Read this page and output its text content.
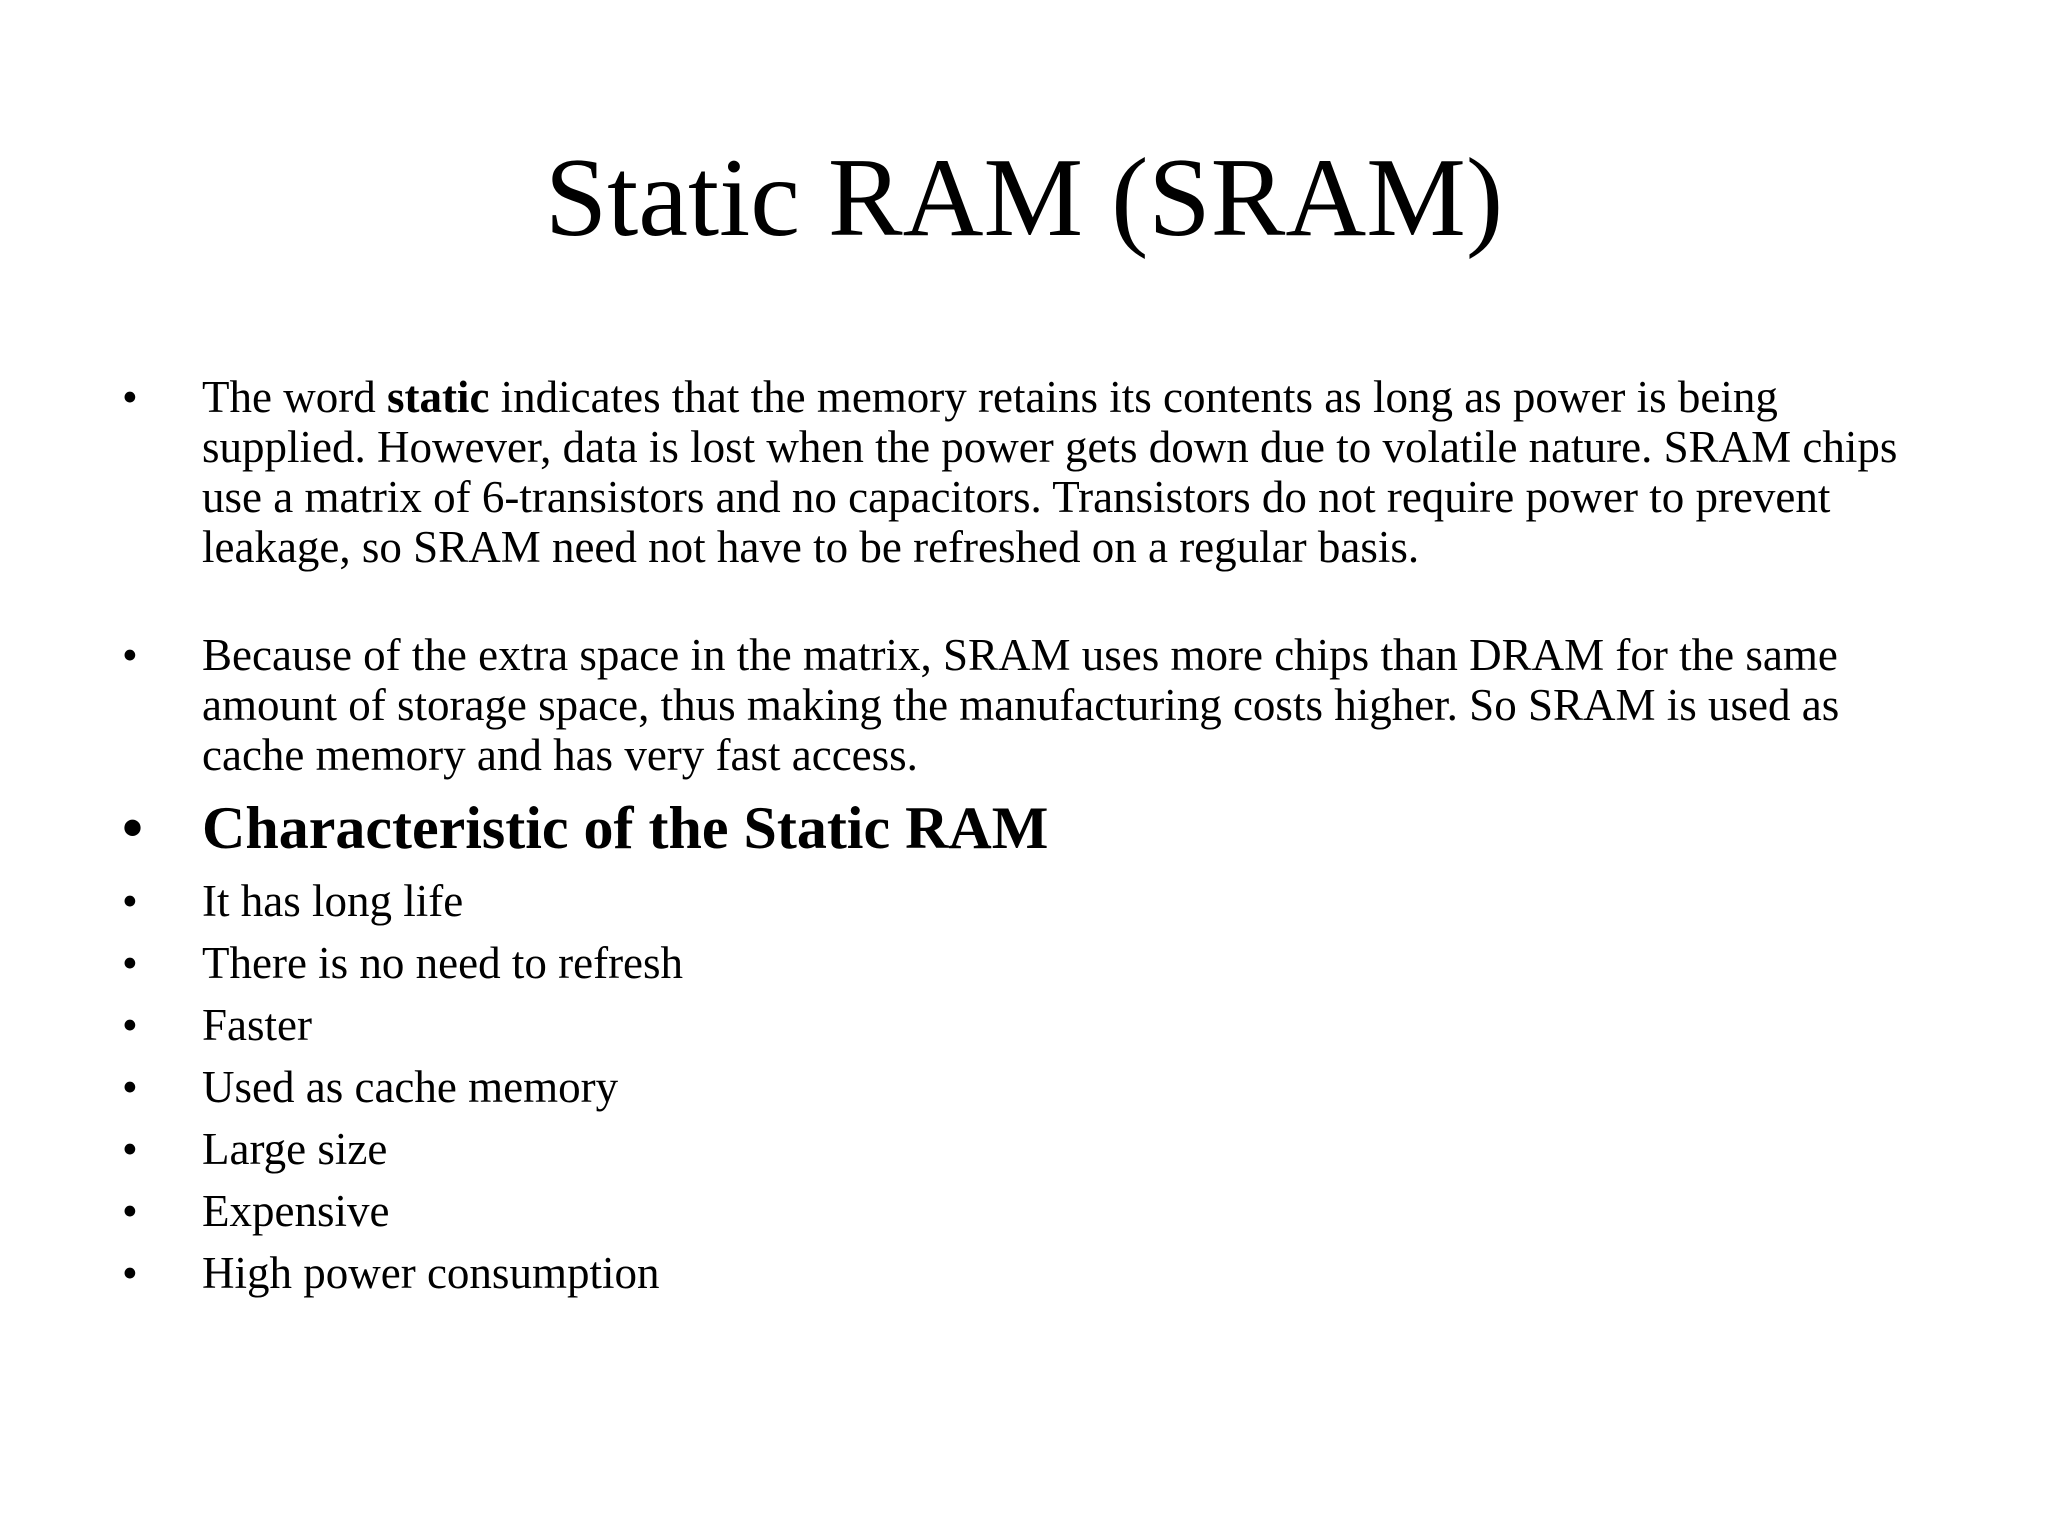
Static RAM (SRAM)
• The word static indicates that the memory retains its contents as long as power is being supplied. However, data is lost when the power gets down due to volatile nature. SRAM chips use a matrix of 6-transistors and no capacitors. Transistors do not require power to prevent leakage, so SRAM need not have to be refreshed on a regular basis.
• Because of the extra space in the matrix, SRAM uses more chips than DRAM for the same amount of storage space, thus making the manufacturing costs higher. So SRAM is used as cache memory and has very fast access.
• Characteristic of the Static RAM
• It has long life
• There is no need to refresh
• Faster
• Used as cache memory
• Large size
• Expensive
• High power consumption
